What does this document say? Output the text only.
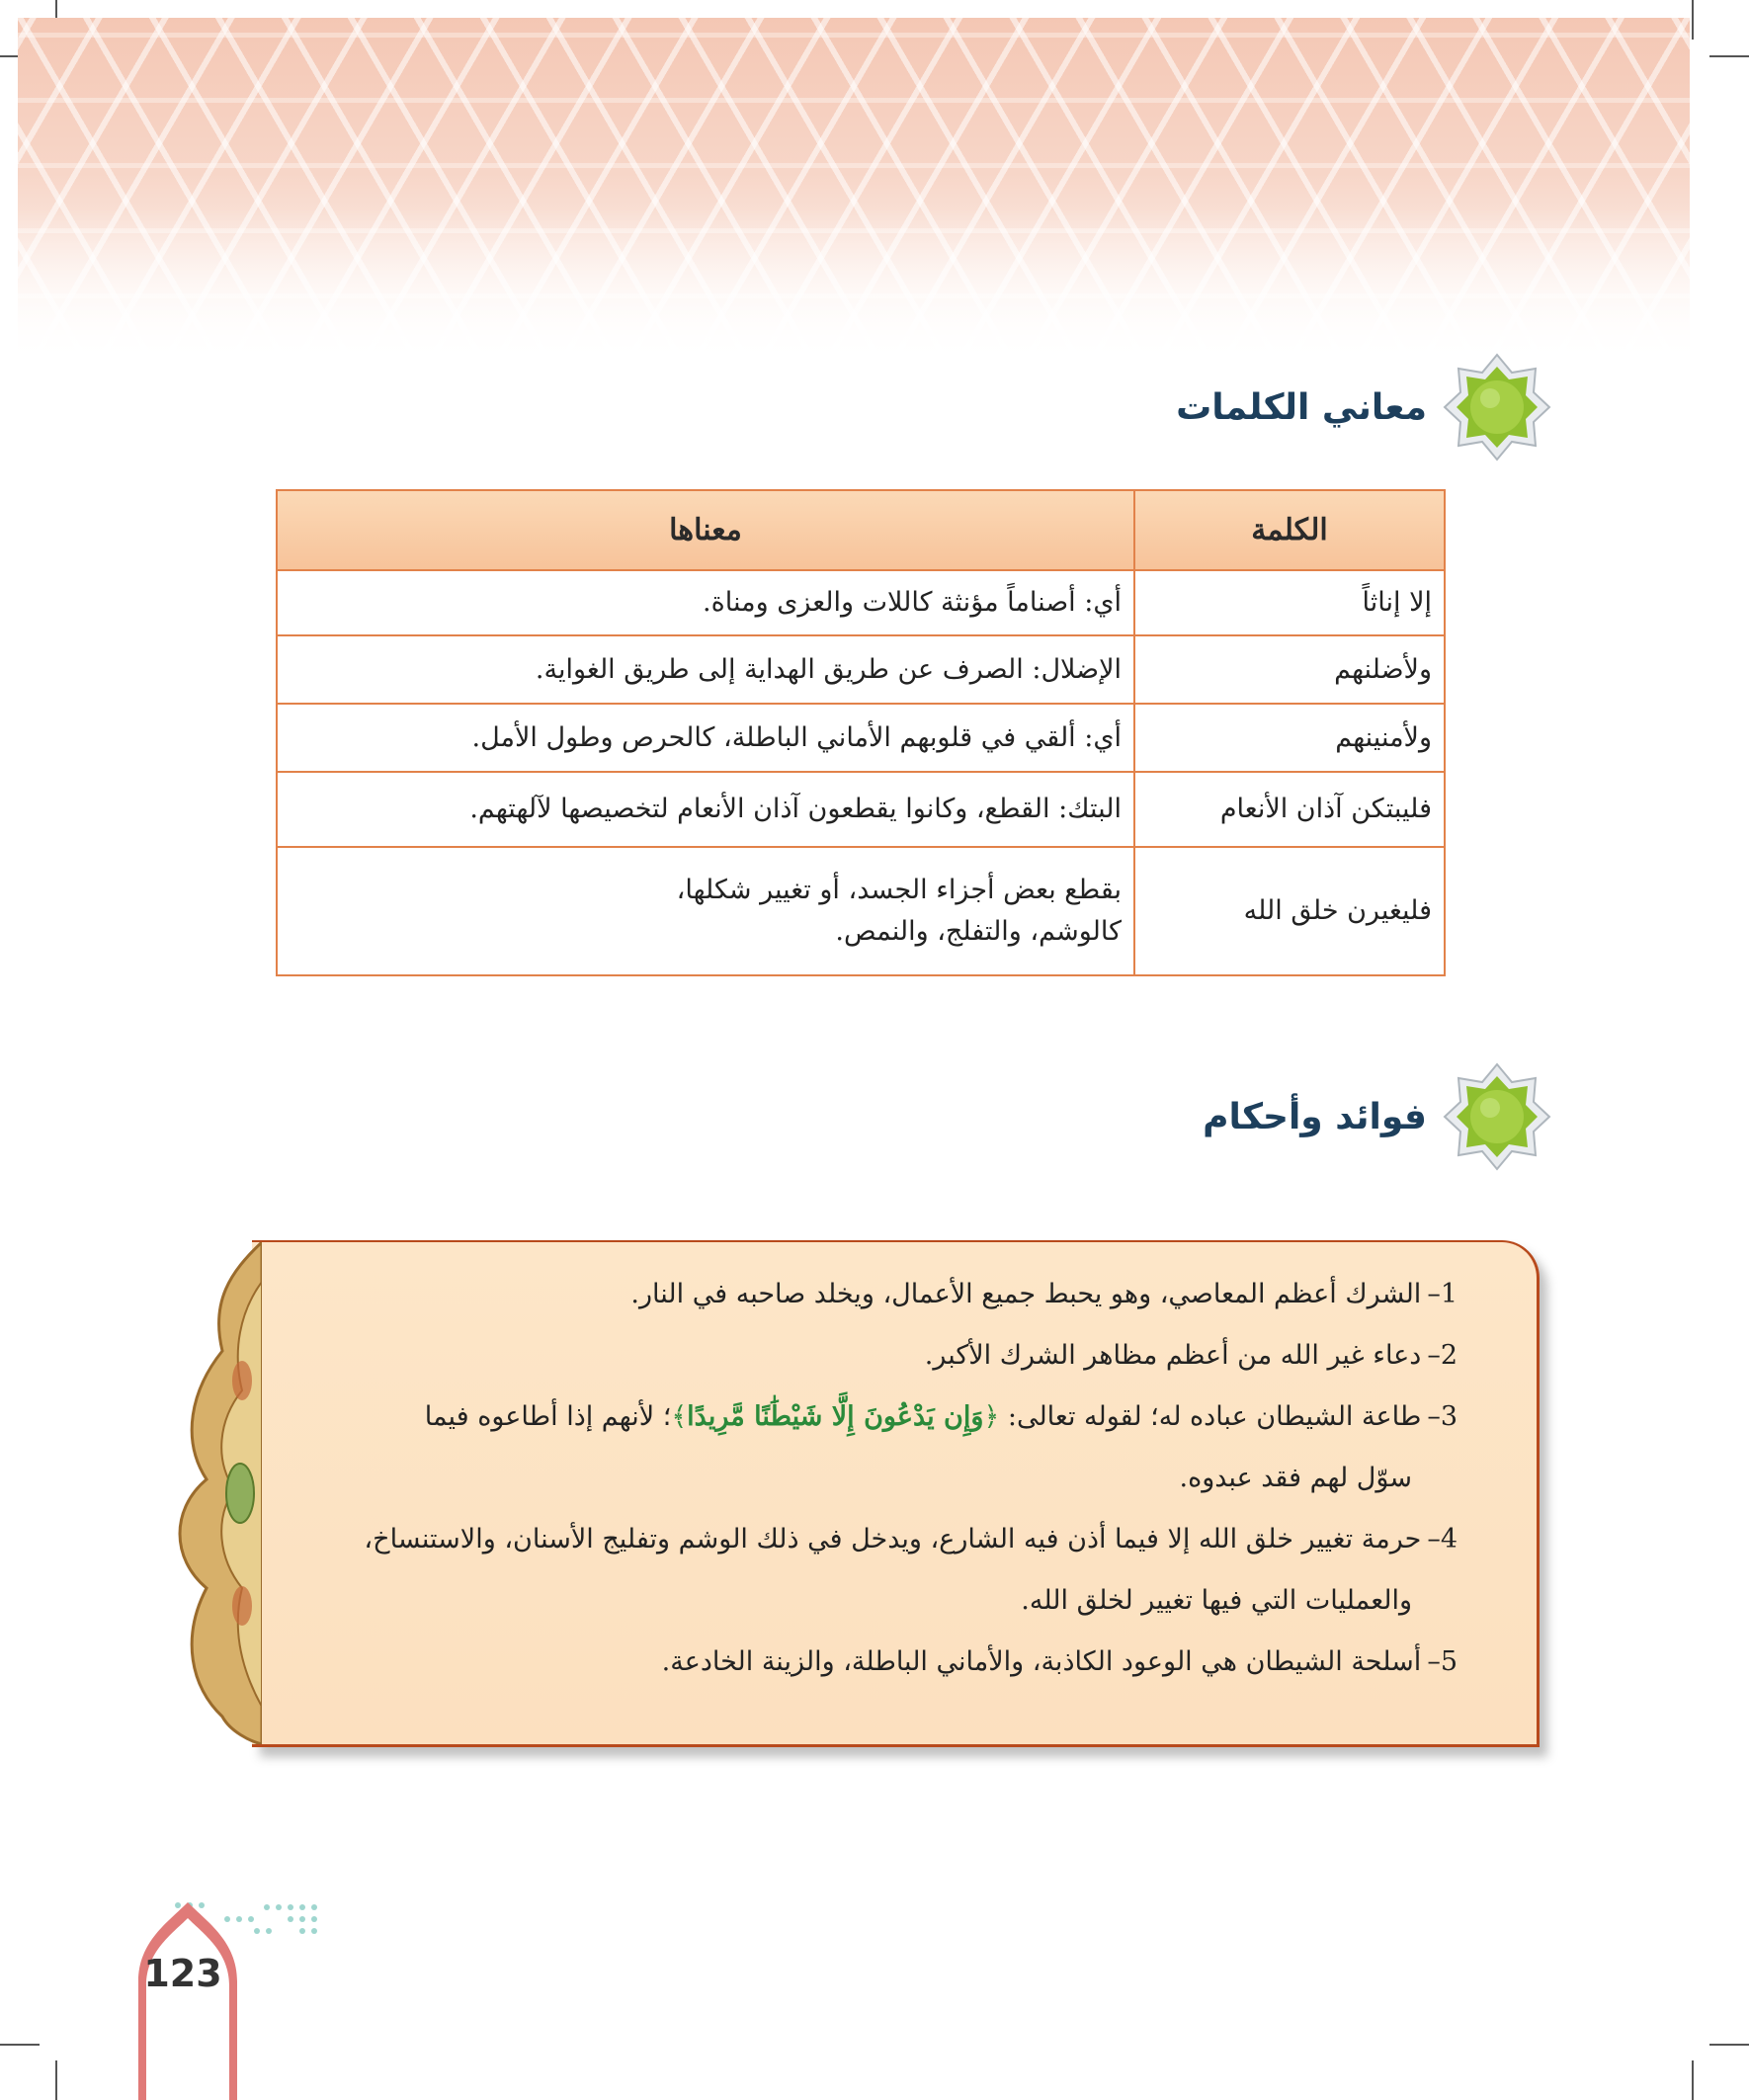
معاني الكلمات
الكلمة	معناها
إلا إناثاً	أي: أصناماً مؤنثة كاللات والعزى ومناة.
ولأضلنهم	الإضلال: الصرف عن طريق الهداية إلى طريق الغواية.
ولأمنينهم	أي: ألقي في قلوبهم الأماني الباطلة، كالحرص وطول الأمل.
فليبتكن آذان الأنعام	البتك: القطع، وكانوا يقطعون آذان الأنعام لتخصيصها لآلهتهم.
فليغيرن خلق الله	بقطع بعض أجزاء الجسد، أو تغيير شكلها، كالوشم، والتفلج، والنمص.
فوائد وأحكام
1–الشرك أعظم المعاصي، وهو يحبط جميع الأعمال، ويخلد صاحبه في النار.
2–دعاء غير الله من أعظم مظاهر الشرك الأكبر.
3–طاعة الشيطان عباده له؛ لقوله تعالى: ﴿وَإِن يَدْعُونَ إِلَّا شَيْطَٰنًا مَّرِيدًا﴾؛ لأنهم إذا أطاعوه فيما
سوّل لهم فقد عبدوه.
4–حرمة تغيير خلق الله إلا فيما أذن فيه الشارع، ويدخل في ذلك الوشم وتفليج الأسنان، والاستنساخ،
والعمليات التي فيها تغيير لخلق الله.
5–أسلحة الشيطان هي الوعود الكاذبة، والأماني الباطلة، والزينة الخادعة.
123
